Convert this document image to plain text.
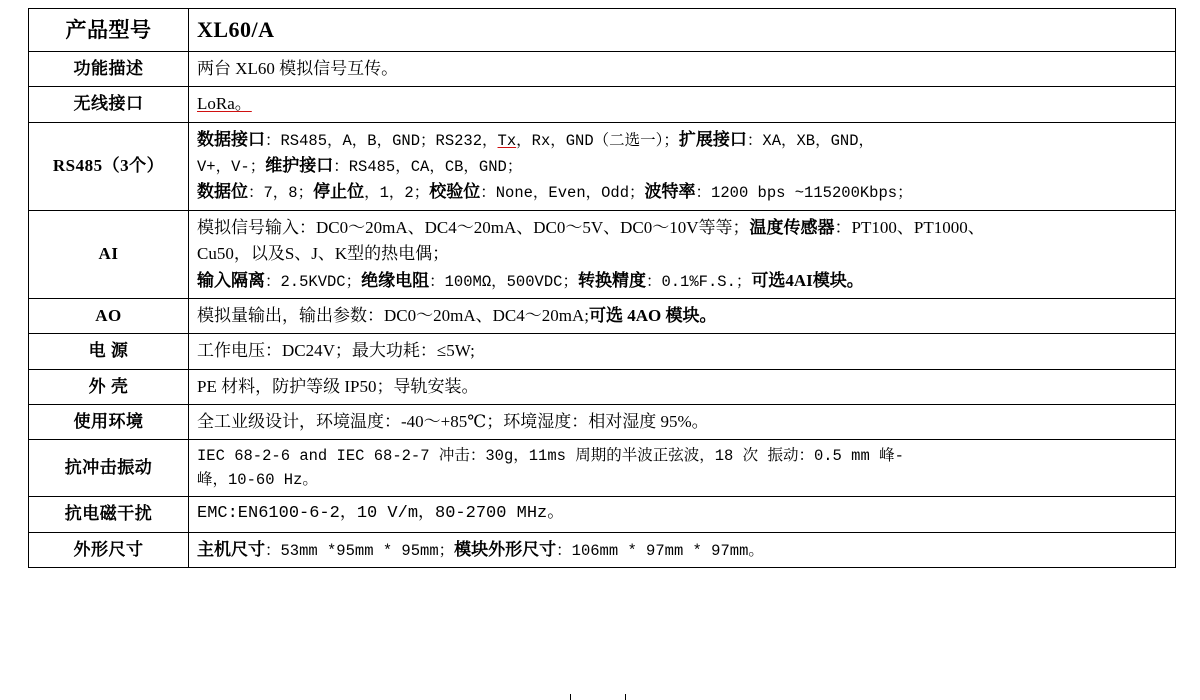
产品型号	XL60/A
功能描述	两台 XL60 模拟信号互传。
无线接口	LoRa。

RS485（3个）	数据接口：RS485，A，B，GND；RS232，Tx，Rx，GND（二选一）；扩展接口：XA，XB，GND，
V+，V-；维护接口：RS485，CA，CB，GND；
数据位：7，8；停止位，1，2；校验位：None，Even，Odd；波特率：1200 bps ~115200Kbps；

AI	模拟信号输入：DC0～20mA、DC4～20mA、DC0～5V、DC0～10V等等；温度传感器：PT100、PT1000、
Cu50，以及S、J、K型的热电偶；
输入隔离：2.5KVDC；绝缘电阻：100MΩ，500VDC；转换精度：0.1%F.S.；可选4AI模块。

AO	模拟量输出，输出参数：DC0～20mA、DC4～20mA;可选 4AO 模块。
电 源	工作电压：DC24V；最大功耗：≤5W;
外 壳	PE 材料，防护等级 IP50；导轨安装。
使用环境	全工业级设计，环境温度：-40～+85℃；环境湿度：相对湿度 95%。
抗冲击振动	IEC 68-2-6 and IEC 68-2-7 冲击：30g，11ms 周期的半波正弦波，18 次 振动：0.5 mm 峰-
峰，10-60 Hz。

抗电磁干扰	EMC:EN6100-6-2，10 V/m，80-2700 MHz。
外形尺寸	主机尺寸：53mm *95mm * 95mm；模块外形尺寸：106mm * 97mm * 97mm。
